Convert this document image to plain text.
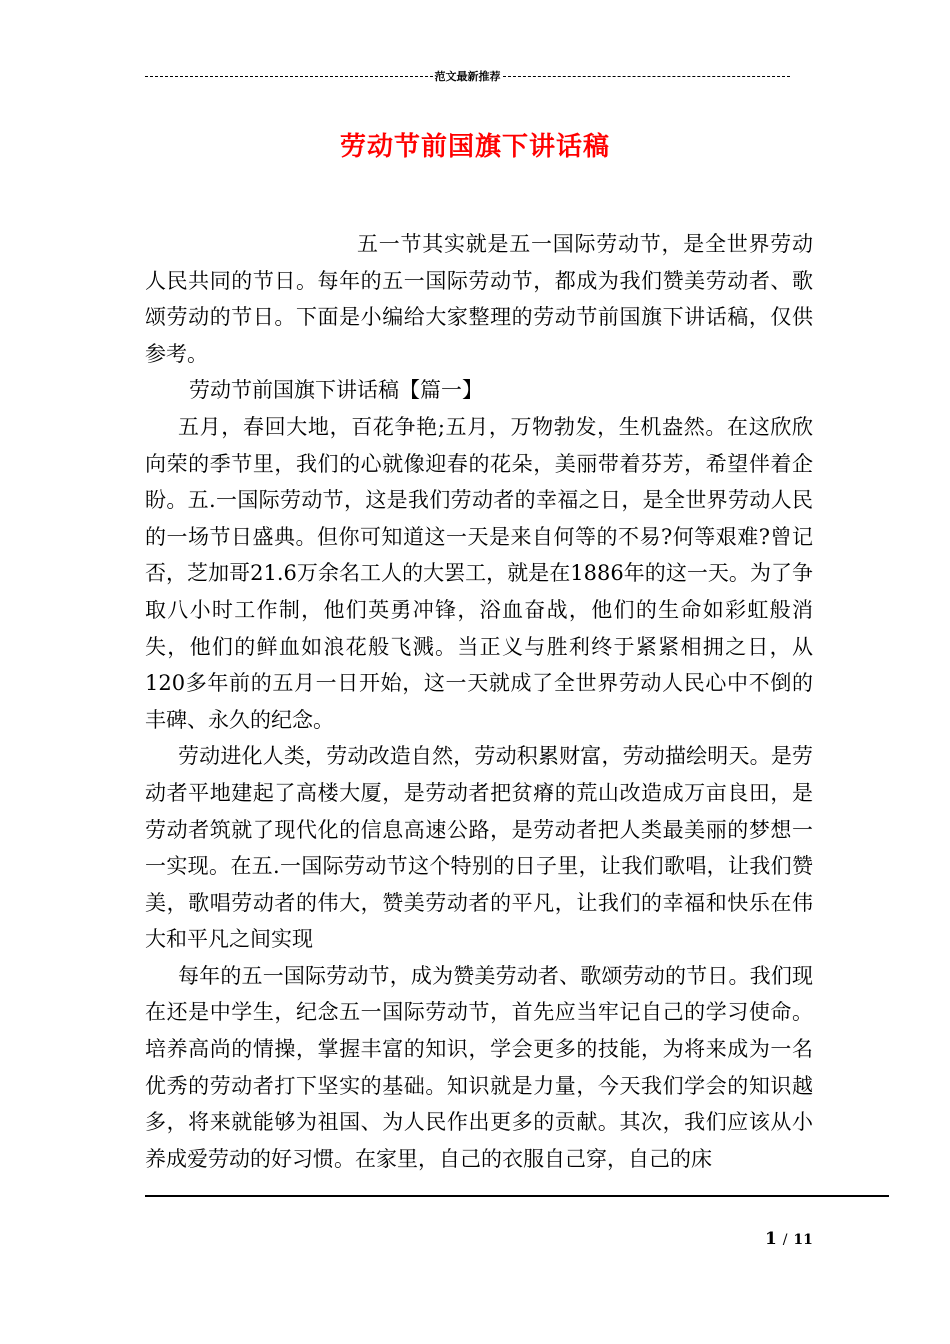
范文最新推荐
劳动节前国旗下讲话稿

五一节其实就是五一国际劳动节，是全世界劳动人民共同的节日。每年的五一国际劳动节，都成为我们赞美劳动者、歌颂劳动的节日。下面是小编给大家整理的劳动节前国旗下讲话稿，仅供参考。

劳动节前国旗下讲话稿【篇一】

五月，春回大地，百花争艳;五月，万物勃发，生机盎然。在这欣欣向荣的季节里，我们的心就像迎春的花朵，美丽带着芬芳，希望伴着企盼。五.一国际劳动节，这是我们劳动者的幸福之日，是全世界劳动人民的一场节日盛典。但你可知道这一天是来自何等的不易?何等艰难?曾记否，芝加哥21.6万余名工人的大罢工，就是在1886年的这一天。为了争取八小时工作制，他们英勇冲锋，浴血奋战，他们的生命如彩虹般消失，他们的鲜血如浪花般飞溅。当正义与胜利终于紧紧相拥之日，从120多年前的五月一日开始，这一天就成了全世界劳动人民心中不倒的丰碑、永久的纪念。

劳动进化人类，劳动改造自然，劳动积累财富，劳动描绘明天。是劳动者平地建起了高楼大厦，是劳动者把贫瘠的荒山改造成万亩良田，是劳动者筑就了现代化的信息高速公路，是劳动者把人类最美丽的梦想一一实现。在五.一国际劳动节这个特别的日子里，让我们歌唱，让我们赞美，歌唱劳动者的伟大，赞美劳动者的平凡，让我们的幸福和快乐在伟大和平凡之间实现

每年的五一国际劳动节，成为赞美劳动者、歌颂劳动的节日。我们现在还是中学生，纪念五一国际劳动节，首先应当牢记自己的学习使命。培养高尚的情操，掌握丰富的知识，学会更多的技能，为将来成为一名优秀的劳动者打下坚实的基础。知识就是力量，今天我们学会的知识越多，将来就能够为祖国、为人民作出更多的贡献。其次，我们应该从小养成爱劳动的好习惯。在家里，自己的衣服自己穿，自己的床

1 / 11
